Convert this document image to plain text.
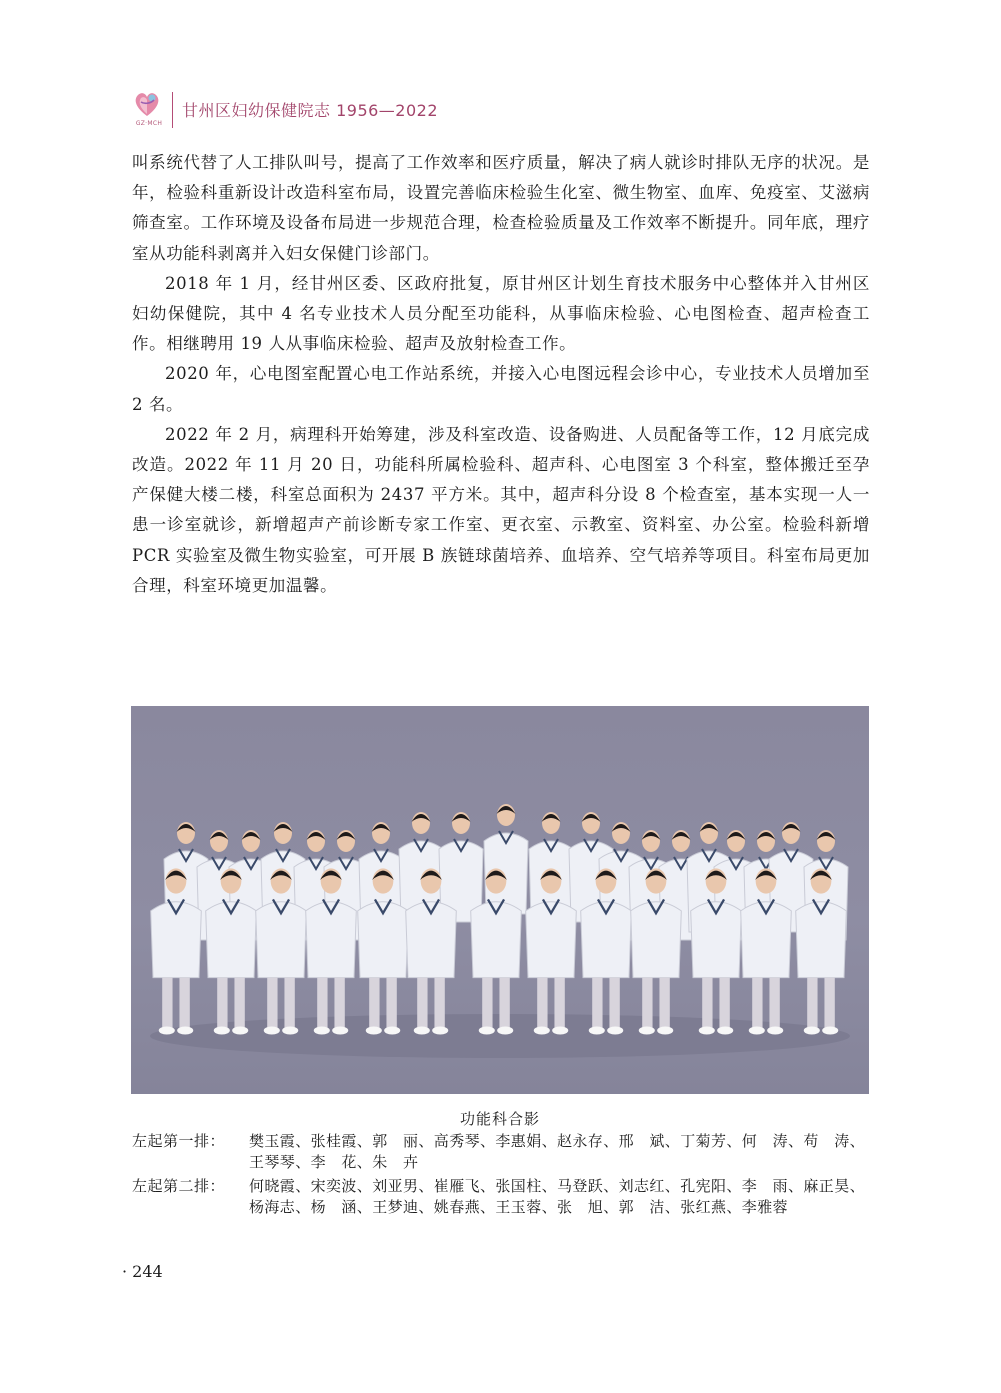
GZ·MCH
甘州区妇幼保健院志 1956—2022

叫系统代替了人工排队叫号，提高了工作效率和医疗质量，解决了病人就诊时排队无序的状况。是年，检验科重新设计改造科室布局，设置完善临床检验生化室、微生物室、血库、免疫室、艾滋病筛查室。工作环境及设备布局进一步规范合理，检查检验质量及工作效率不断提升。同年底，理疗室从功能科剥离并入妇女保健门诊部门。

2018 年 1 月，经甘州区委、区政府批复，原甘州区计划生育技术服务中心整体并入甘州区妇幼保健院，其中 4 名专业技术人员分配至功能科，从事临床检验、心电图检查、超声检查工作。相继聘用 19 人从事临床检验、超声及放射检查工作。

2020 年，心电图室配置心电工作站系统，并接入心电图远程会诊中心，专业技术人员增加至 2 名。

2022 年 2 月，病理科开始筹建，涉及科室改造、设备购进、人员配备等工作，12 月底完成改造。2022 年 11 月 20 日，功能科所属检验科、超声科、心电图室 3 个科室，整体搬迁至孕产保健大楼二楼，科室总面积为 2437 平方米。其中，超声科分设 8 个检查室，基本实现一人一患一诊室就诊，新增超声产前诊断专家工作室、更衣室、示教室、资料室、办公室。检验科新增 PCR 实验室及微生物实验室，可开展 B 族链球菌培养、血培养、空气培养等项目。科室布局更加合理，科室环境更加温馨。

功能科合影
左起第一排： 樊玉霞、张桂霞、郭　丽、高秀琴、李惠娟、赵永存、邢　斌、丁菊芳、何　涛、苟　涛、王琴琴、李　花、朱　卉
左起第二排： 何晓霞、宋奕波、刘亚男、崔雁飞、张国柱、马登跃、刘志红、孔宪阳、李　雨、麻正昊、杨海志、杨　涵、王梦迪、姚春燕、王玉蓉、张　旭、郭　洁、张红燕、李雅蓉
· 244
